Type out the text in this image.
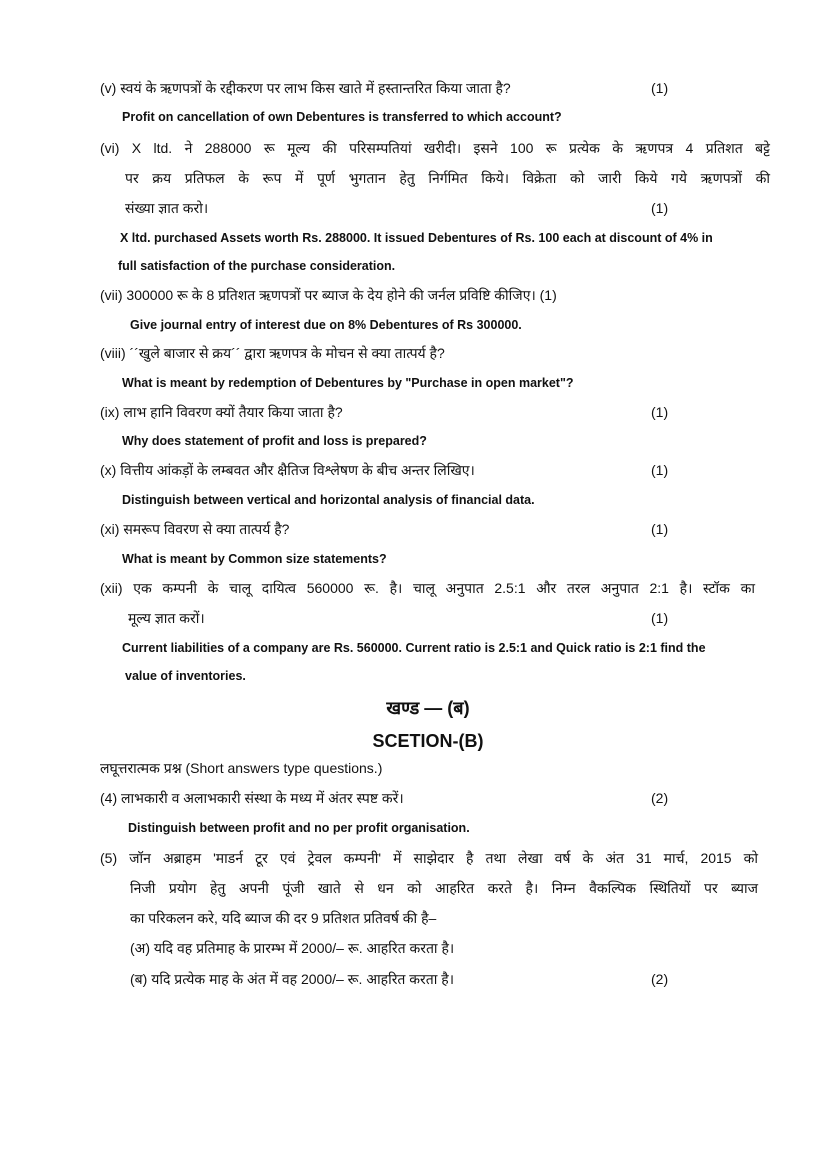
(v) स्वयं के ऋणपत्रों के रद्दीकरण पर लाभ किस खाते में हस्तान्तरित किया जाता है?	(1)
Profit on cancellation of own Debentures is transferred to which account?
(vi) X ltd. ने 288000 रू मूल्य की परिसम्पतियां खरीदी। इसने 100 रू प्रत्येक के ऋणपत्र 4 प्रतिशत बट्टे
पर क्रय प्रतिफल के रूप में पूर्ण भुगतान हेतु निर्गमित किये। विक्रेता को जारी किये गये ऋणपत्रों की
संख्या ज्ञात करो।	(1)
X ltd. purchased Assets worth Rs. 288000. It issued Debentures of Rs. 100 each at discount of 4% in
full satisfaction of the purchase consideration.
(vii) 300000 रू के 8 प्रतिशत ऋणपत्रों पर ब्याज के देय होने की जर्नल प्रविष्टि कीजिए। (1)
Give journal entry of interest due on 8% Debentures of Rs 300000.
(viii) ´´खुले बाजार से क्रय´´ द्वारा ऋणपत्र के मोचन से क्या तात्पर्य है?
What is meant by redemption of Debentures by "Purchase in open market"?
(ix) लाभ हानि विवरण क्यों तैयार किया जाता है?	(1)
Why does statement of profit and loss is prepared?
(x) वित्तीय आंकड़ों के लम्बवत और क्षैतिज विश्लेषण के बीच अन्तर लिखिए।	(1)
Distinguish between vertical and horizontal analysis of financial data.
(xi) समरूप विवरण से क्या तात्पर्य है?	(1)
What is meant by Common size statements?
(xii) एक कम्पनी के चालू दायित्व 560000 रू. है। चालू अनुपात 2.5:1 और तरल अनुपात 2:1 है। स्टॉक का
मूल्य ज्ञात करों।	(1)
Current liabilities of a company are Rs. 560000. Current ratio is 2.5:1 and Quick ratio is 2:1 find the
value of inventories.
खण्ड — (ब)
SCETION-(B)
लघूत्तरात्मक प्रश्न (Short answers type questions.)
(4) लाभकारी व अलाभकारी संस्था के मध्य में अंतर स्पष्ट करें।	(2)
Distinguish between profit and no per profit organisation.
(5) जॉन अब्राहम 'माडर्न टूर एवं ट्रेवल कम्पनी' में साझेदार है तथा लेखा वर्ष के अंत 31 मार्च, 2015 को
निजी प्रयोग हेतु अपनी पूंजी खाते से धन को आहरित करते है। निम्न वैकल्पिक स्थितियों पर ब्याज
का परिकलन करे, यदि ब्याज की दर 9 प्रतिशत प्रतिवर्ष की है–
(अ) यदि वह प्रतिमाह के प्रारम्भ में 2000/– रू. आहरित करता है।
(ब) यदि प्रत्येक माह के अंत में वह 2000/– रू. आहरित करता है।	(2)
